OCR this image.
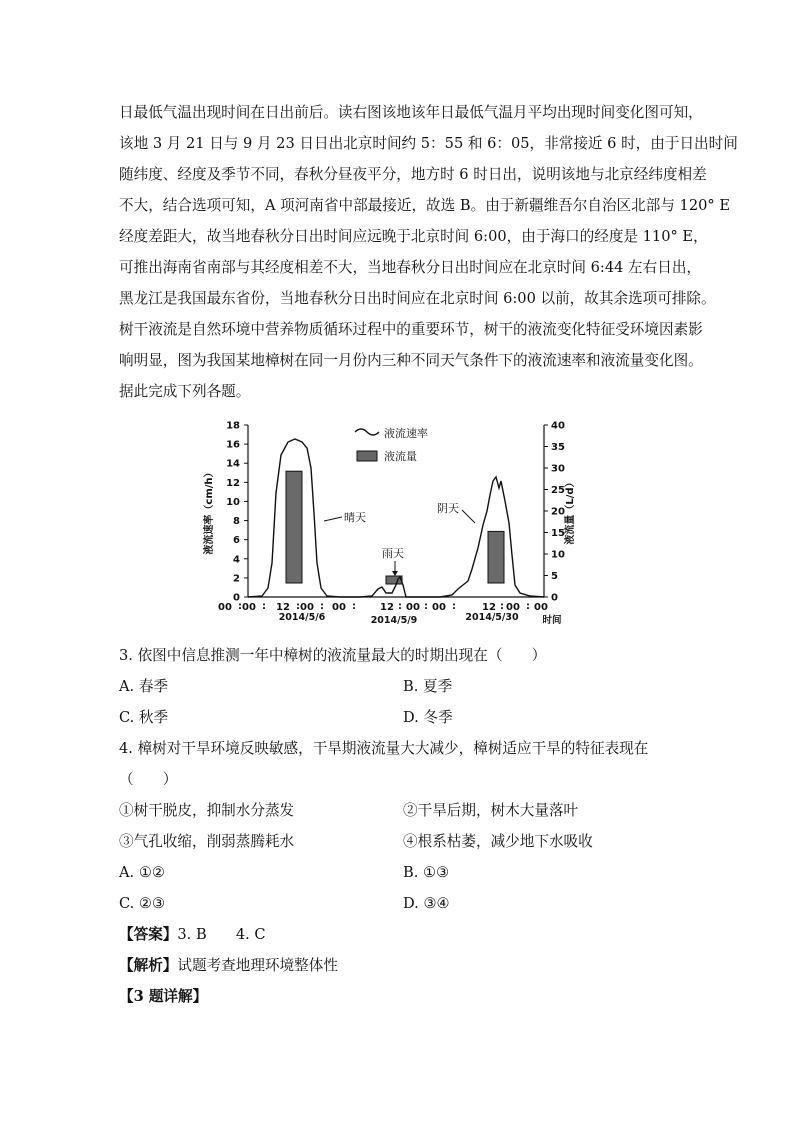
日最低气温出现时间在日出前后。读右图该地该年日最低气温月平均出现时间变化图可知，
该地 3 月 21 日与 9 月 23 日日出北京时间约 5：55 和 6：05，非常接近 6 时，由于日出时间
随纬度、经度及季节不同，春秋分昼夜平分，地方时 6 时日出，说明该地与北京经纬度相差
不大，结合选项可知，A 项河南省中部最接近，故选 B。由于新疆维吾尔自治区北部与 120° E
经度差距大，故当地春秋分日出时间应远晚于北京时间 6:00，由于海口的经度是 110° E，
可推出海南省南部与其经度相差不大，当地春秋分日出时间应在北京时间 6:44 左右日出，
黑龙江是我国最东省份，当地春秋分日出时间应在北京时间 6:00 以前，故其余选项可排除。
树干液流是自然环境中营养物质循环过程中的重要环节，树干的液流变化特征受环境因素影
响明显，图为我国某地樟树在同一月份内三种不同天气条件下的液流速率和液流量变化图。
据此完成下列各题。
0
2
4
6
8
10
12
14
16
18
0
5
10
15
20
25
30
35
40
液流速率（cm/h）	液流量（L/d）
液流速率
液流量
晴天
雨天
阴天
00 00 12 00 00	12 00 00	12 00 00
: :	: :	:	: : :	: :
2014/5/6	2014/5/9	2014/5/30	时间
3. 依图中信息推测一年中樟树的液流量最大的时期出现在（　　）
A. 春季	B. 夏季
C. 秋季	D. 冬季
4. 樟树对干旱环境反映敏感，干旱期液流量大大减少，樟树适应干旱的特征表现在
（　　）
①树干脱皮，抑制水分蒸发	②干旱后期，树木大量落叶
③气孔收缩，削弱蒸腾耗水	④根系枯萎，减少地下水吸收
A. ①②	B. ①③
C. ②③	D. ③④
【答案】3. B　　4. C
【解析】试题考查地理环境整体性
【3 题详解】
